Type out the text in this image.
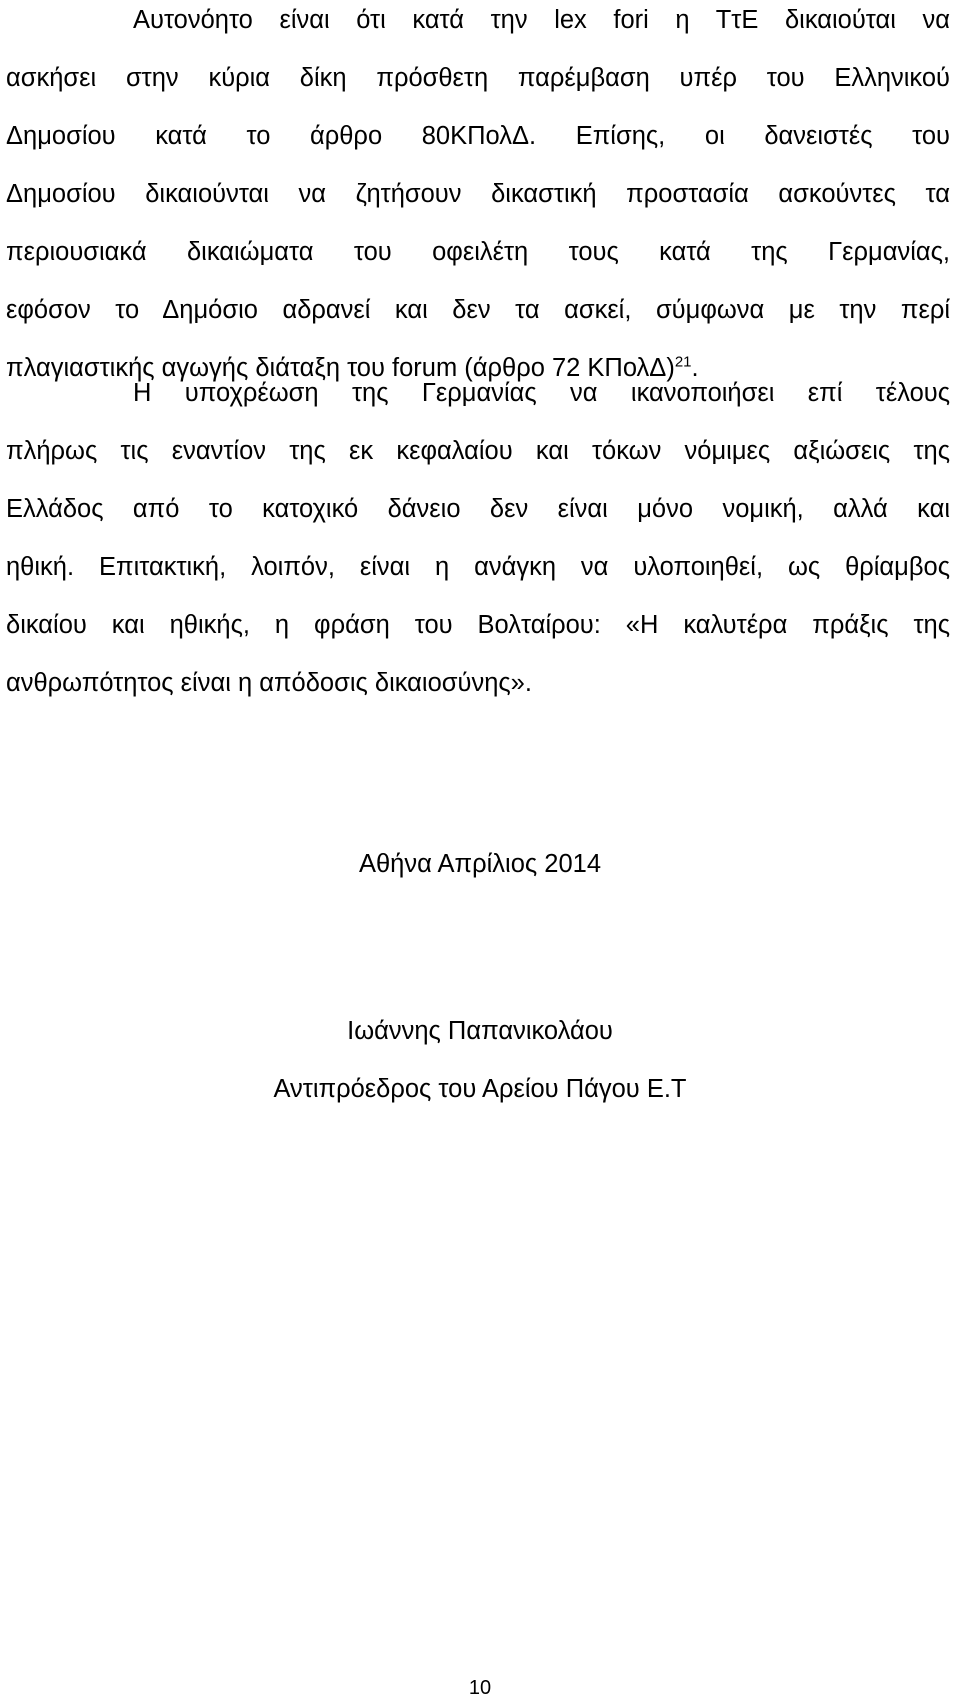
Αυτονόητο είναι ότι κατά την lex fori η ΤτΕ δικαιούται να
ασκήσει στην κύρια δίκη πρόσθετη παρέμβαση υπέρ του Ελληνικού
Δημοσίου κατά το άρθρο 80ΚΠολΔ. Επίσης, οι δανειστές του
Δημοσίου δικαιούνται να ζητήσουν δικαστική προστασία ασκούντες τα
περιουσιακά δικαιώματα του οφειλέτη τους κατά της Γερμανίας,
εφόσον το Δημόσιο αδρανεί και δεν τα ασκεί, σύμφωνα με την περί
πλαγιαστικής αγωγής διάταξη του forum (άρθρο 72 ΚΠολΔ)$^{21}$.

Η υποχρέωση της Γερμανίας να ικανοποιήσει επί τέλους
πλήρως τις εναντίον της εκ κεφαλαίου και τόκων νόμιμες αξιώσεις της
Ελλάδος από το κατοχικό δάνειο δεν είναι μόνο νομική, αλλά και
ηθική. Επιτακτική, λοιπόν, είναι η ανάγκη να υλοποιηθεί, ως θρίαμβος
δικαίου και ηθικής, η φράση του Βολταίρου: «Η καλυτέρα πράξις της
ανθρωπότητος είναι η απόδοσις δικαιοσύνης».

Αθήνα Απρίλιος 2014

Ιωάννης Παπανικολάου

Αντιπρόεδρος του Αρείου Πάγου Ε.Τ

10
